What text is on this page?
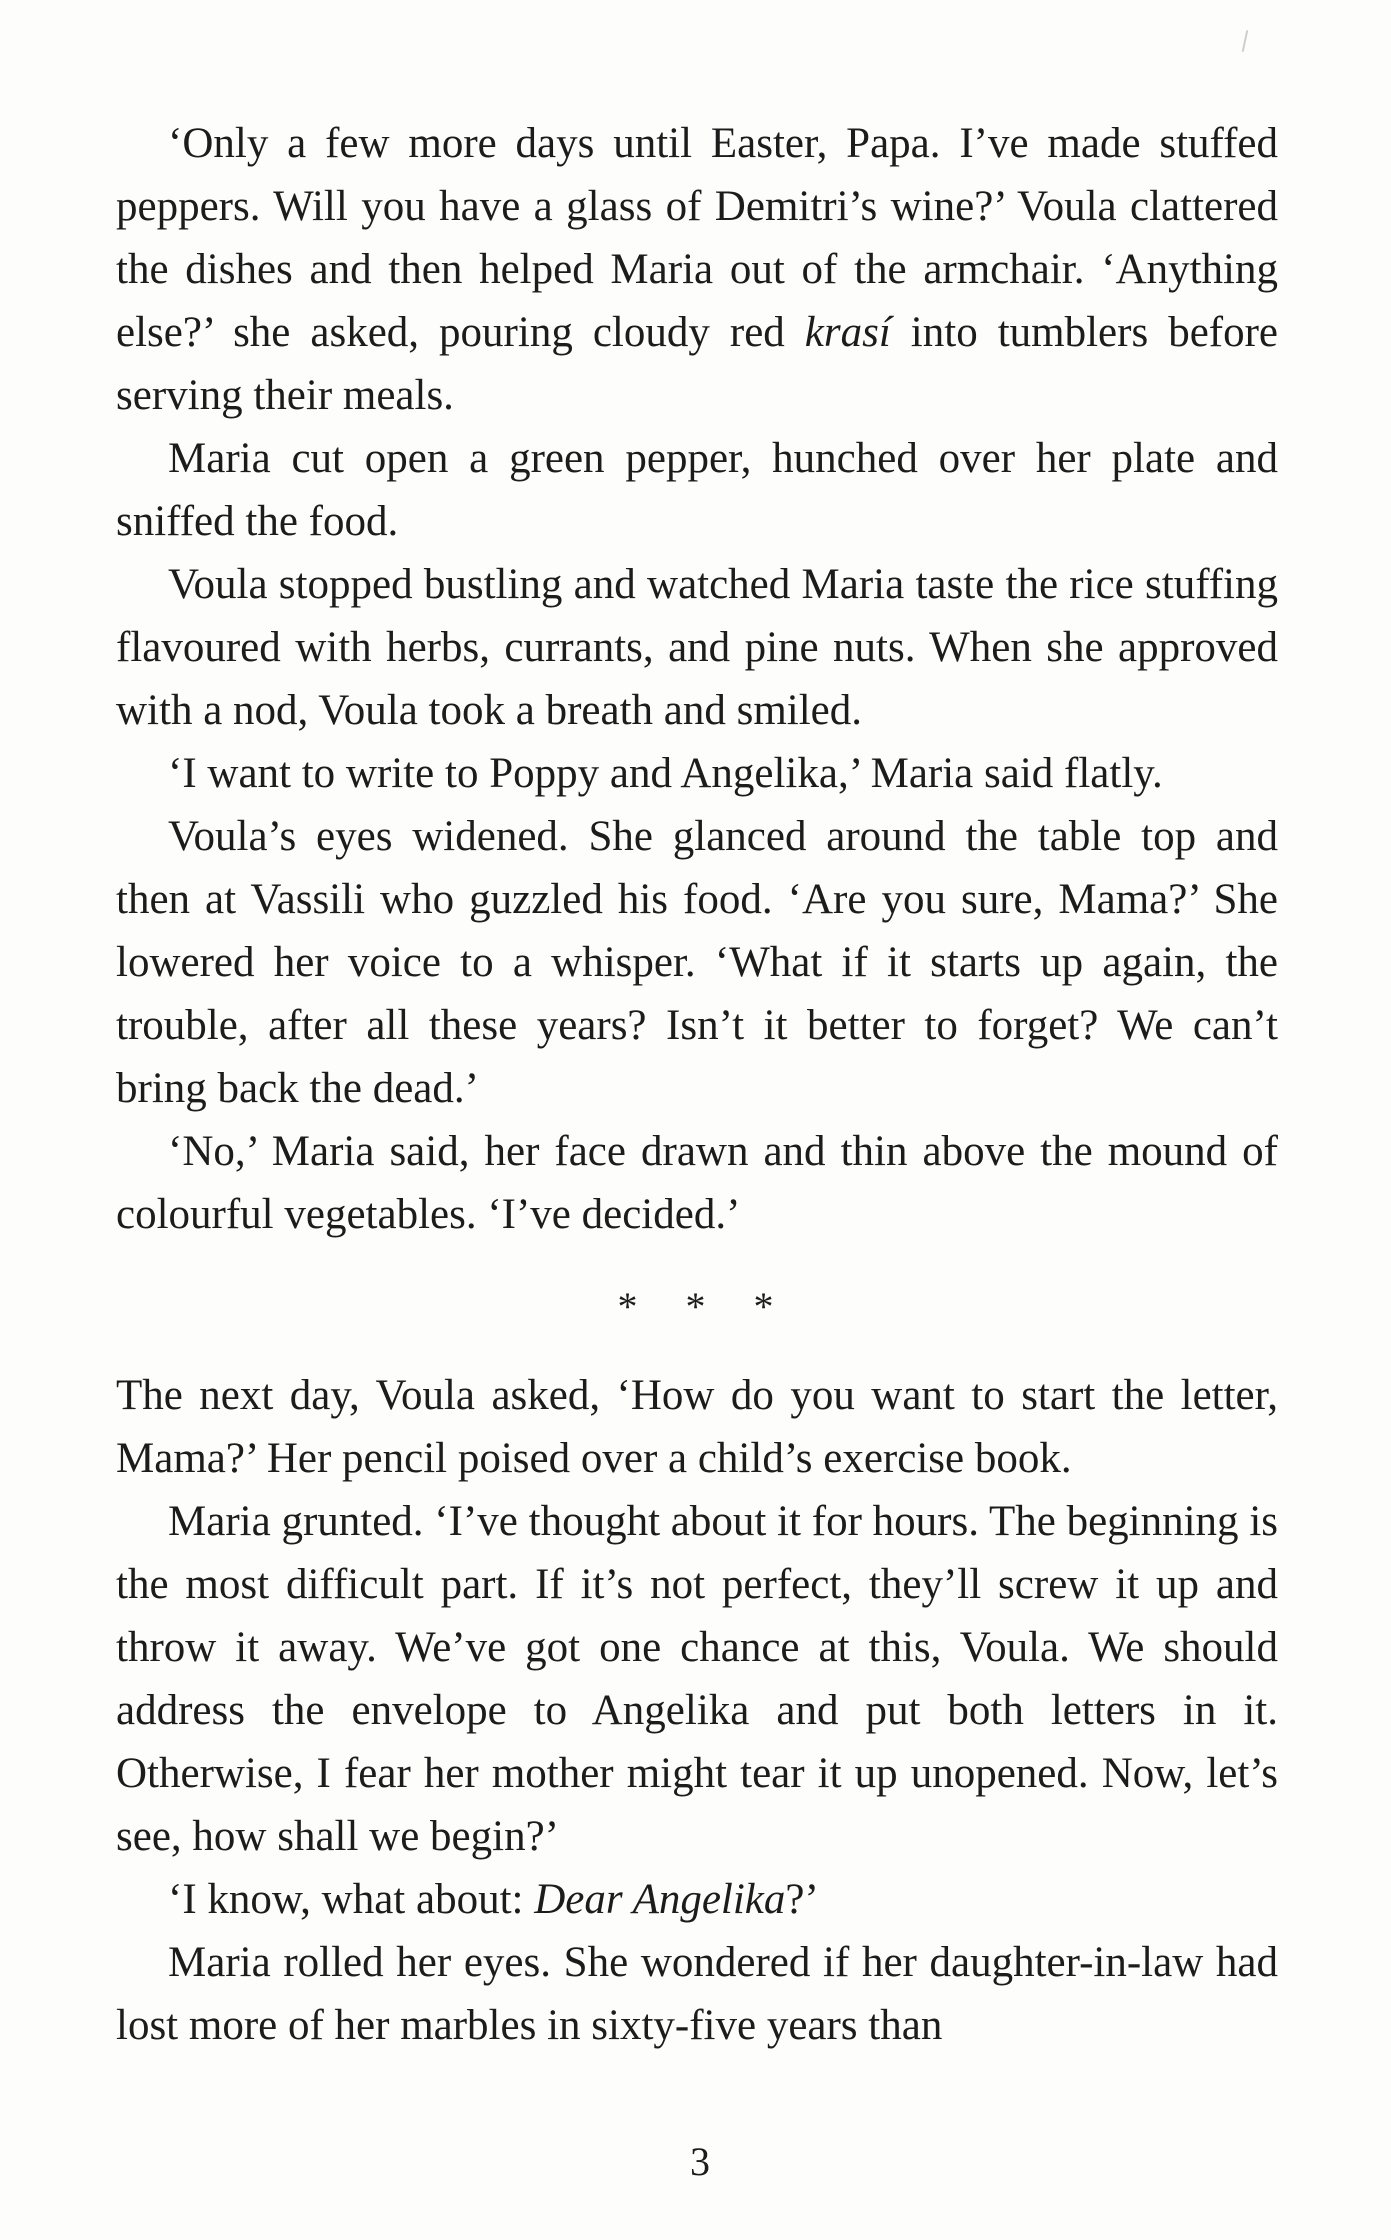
‘Only a few more days until Easter, Papa. I’ve made stuffed peppers. Will you have a glass of Demitri’s wine?’ Voula clattered the dishes and then helped Maria out of the armchair. ‘Anything else?’ she asked, pouring cloudy red krasí into tumblers before serving their meals.

Maria cut open a green pepper, hunched over her plate and sniffed the food.

Voula stopped bustling and watched Maria taste the rice stuffing flavoured with herbs, currants, and pine nuts. When she approved with a nod, Voula took a breath and smiled.

‘I want to write to Poppy and Angelika,’ Maria said flatly.

Voula’s eyes widened. She glanced around the table top and then at Vassili who guzzled his food. ‘Are you sure, Mama?’ She lowered her voice to a whisper. ‘What if it starts up again, the trouble, after all these years? Isn’t it better to forget? We can’t bring back the dead.’

‘No,’ Maria said, her face drawn and thin above the mound of colourful vegetables. ‘I’ve decided.’

* * *

The next day, Voula asked, ‘How do you want to start the letter, Mama?’ Her pencil poised over a child’s exercise book.

Maria grunted. ‘I’ve thought about it for hours. The beginning is the most difficult part. If it’s not perfect, they’ll screw it up and throw it away. We’ve got one chance at this, Voula. We should address the envelope to Angelika and put both letters in it. Otherwise, I fear her mother might tear it up unopened. Now, let’s see, how shall we begin?’

‘I know, what about: Dear Angelika?’

Maria rolled her eyes. She wondered if her daughter-in-law had lost more of her marbles in sixty-five years than

3
